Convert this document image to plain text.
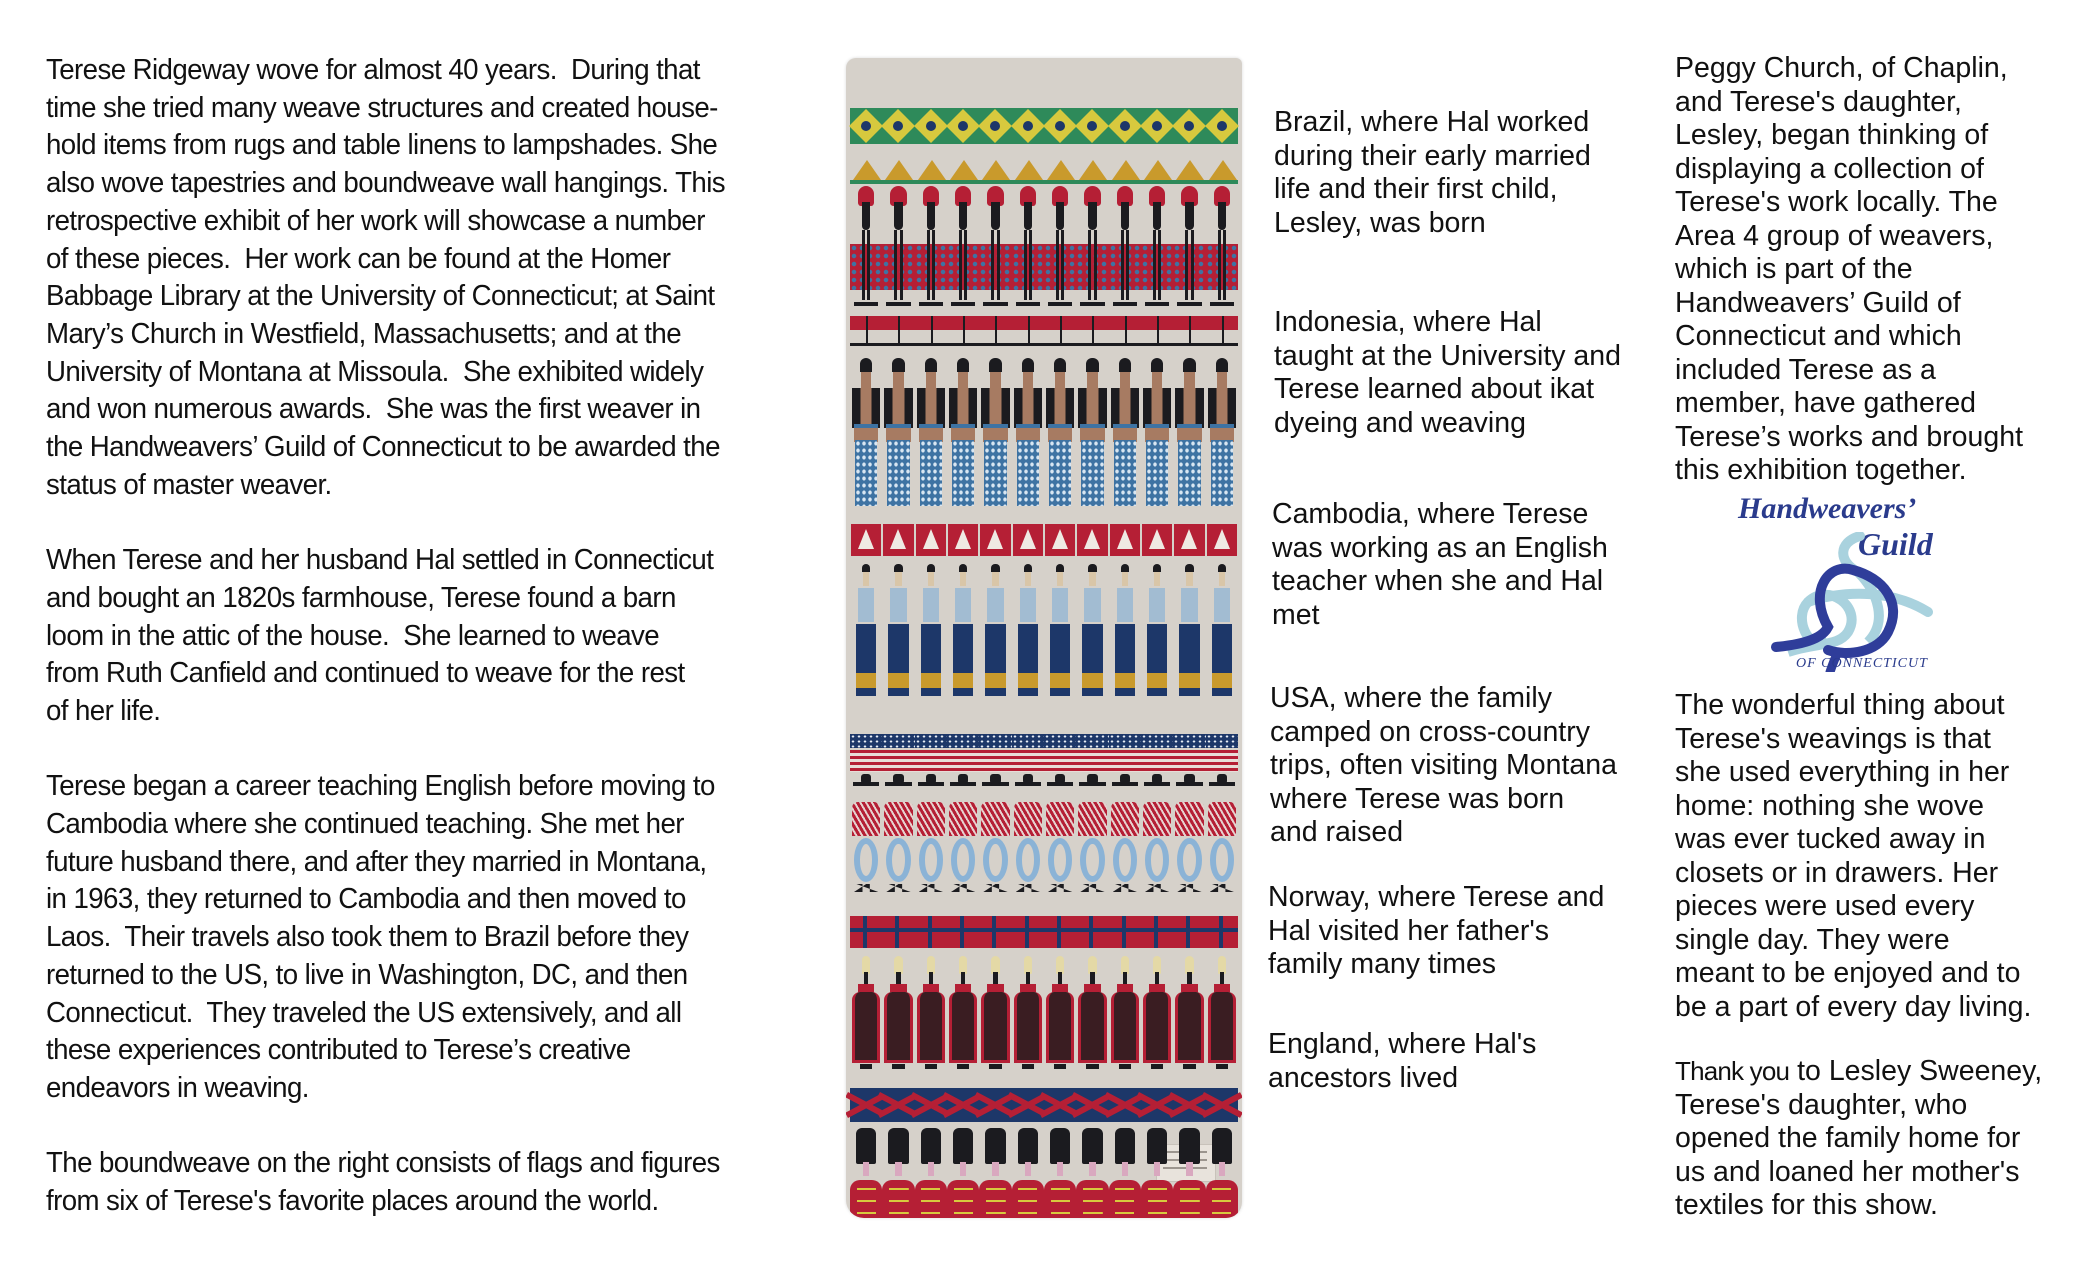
Terese Ridgeway wove for almost 40 years.  During that
time she tried many weave structures and created house-
hold items from rugs and table linens to lampshades. She
also wove tapestries and boundweave wall hangings. This
retrospective exhibit of her work will showcase a number
of these pieces.  Her work can be found at the Homer
Babbage Library at the University of Connecticut; at Saint
Mary’s Church in Westfield, Massachusetts; and at the
University of Montana at Missoula.  She exhibited widely
and won numerous awards.  She was the first weaver in
the Handweavers’ Guild of Connecticut to be awarded the
status of master weaver.

When Terese and her husband Hal settled in Connecticut
and bought an 1820s farmhouse, Terese found a barn
loom in the attic of the house.  She learned to weave
from Ruth Canfield and continued to weave for the rest
of her life.

Terese began a career teaching English before moving to
Cambodia where she continued teaching. She met her
future husband there, and after they married in Montana,
in 1963, they returned to Cambodia and then moved to
Laos.  Their travels also took them to Brazil before they
returned to the US, to live in Washington, DC, and then
Connecticut.  They traveled the US extensively, and all
these experiences contributed to Terese’s creative
endeavors in weaving.

The boundweave on the right consists of flags and figures
from six of Terese's favorite places around the world.

Brazil, where Hal worked
during their early married
life and their first child,
Lesley, was born
Indonesia, where Hal
taught at the University and
Terese learned about ikat
dyeing and weaving
Cambodia, where Terese
was working as an English
teacher when she and Hal
met
USA, where the family
camped on cross-country
trips, often visiting Montana
where Terese was born
and raised
Norway, where Terese and
Hal visited her father's
family many times
England, where Hal's
ancestors lived

Peggy Church, of Chaplin,

and Terese's daughter,

Lesley, began thinking of

displaying a collection of

Terese's work locally. The

Area 4 group of weavers,

which is part of the

Handweavers’ Guild of

Connecticut and which

included Terese as a

member, have gathered

Terese’s works and brought

this exhibition together.

Handweavers’
Guild
OF CONNECTICUT

The wonderful thing about

Terese's weavings is that

she used everything in her

home: nothing she wove

was ever tucked away in

closets or in drawers. Her

pieces were used every

single day. They were

meant to be enjoyed and to

be a part of every day living.

Thank you to Lesley Sweeney,

Terese's daughter, who

opened the family home for

us and loaned her mother's

textiles for this show.
